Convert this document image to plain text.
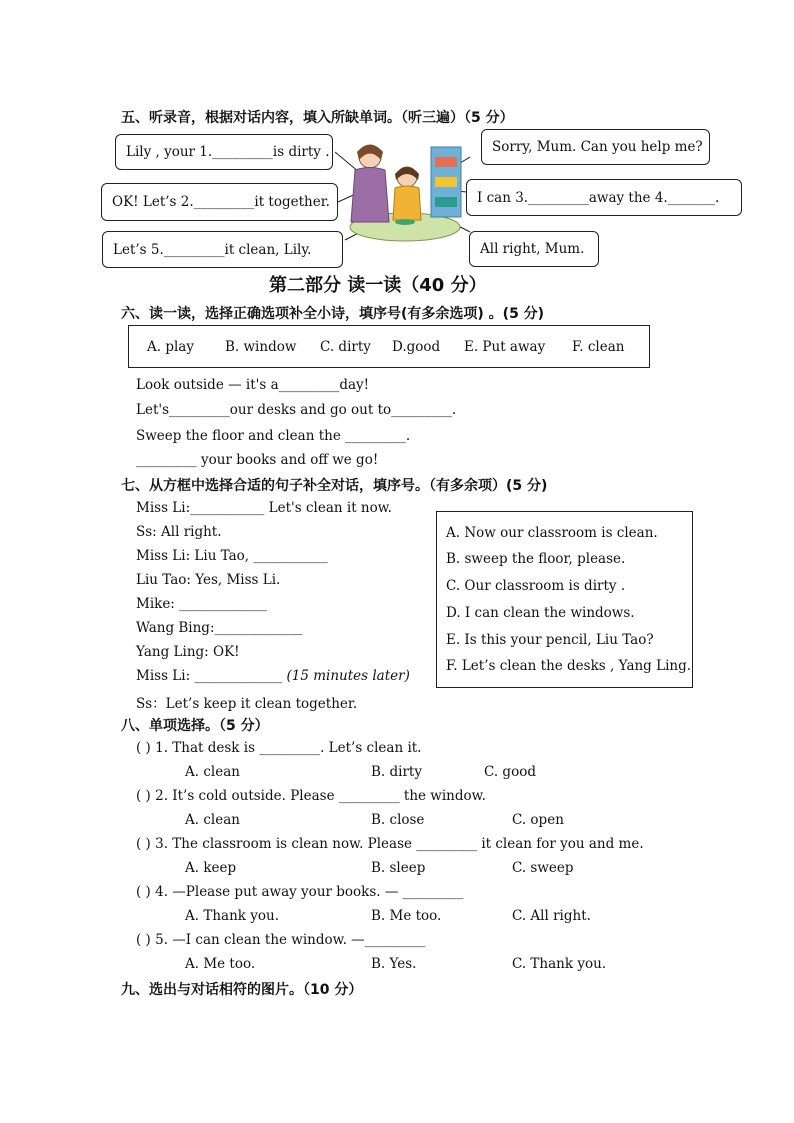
五、听录音，根据对话内容，填入所缺单词。（听三遍）（5 分）
Lily , your 1._________is dirty .
OK! Let’s 2._________it together.
Let’s 5._________it clean, Lily.
Sorry, Mum. Can you help me?
I can 3._________away the 4._______.
All right, Mum.
第二部分 读一读（40 分）
六、读一读，选择正确选项补全小诗，填序号(有多余选项) 。(5 分)
A. play B. window C. dirty D.good E. Put away F. clean
Look outside — it's a_________day!
Let's_________our desks and go out to_________.
Sweep the floor and clean the _________.
_________ your books and off we go!
七、从方框中选择合适的句子补全对话，填序号。（有多余项）(5 分)
Miss Li:___________ Let's clean it now.
Ss: All right.
Miss Li: Liu Tao, ___________
Liu Tao: Yes, Miss Li.
Mike: _____________
Wang Bing:_____________
Yang Ling: OK!
Miss Li: _____________ (15 minutes later)
Ss：Let’s keep it clean together.
A. Now our classroom is clean.
B. sweep the floor, please.
C. Our classroom is dirty .
D. I can clean the windows.
E. Is this your pencil, Liu Tao?
F. Let’s clean the desks , Yang Ling.
八、单项选择。（5 分）
( ) 1. That desk is _________. Let’s clean it.
A. clean	B. dirty	C. good
( ) 2. It’s cold outside. Please _________ the window.
A. clean	B. close	C. open
( ) 3. The classroom is clean now. Please _________ it clean for you and me.
A. keep	B. sleep	C. sweep
( ) 4. —Please put away your books. — _________
A. Thank you.	B. Me too.	C. All right.
( ) 5. —I can clean the window. —_________
A. Me too.	B. Yes.	C. Thank you.
九、选出与对话相符的图片。（10 分）
